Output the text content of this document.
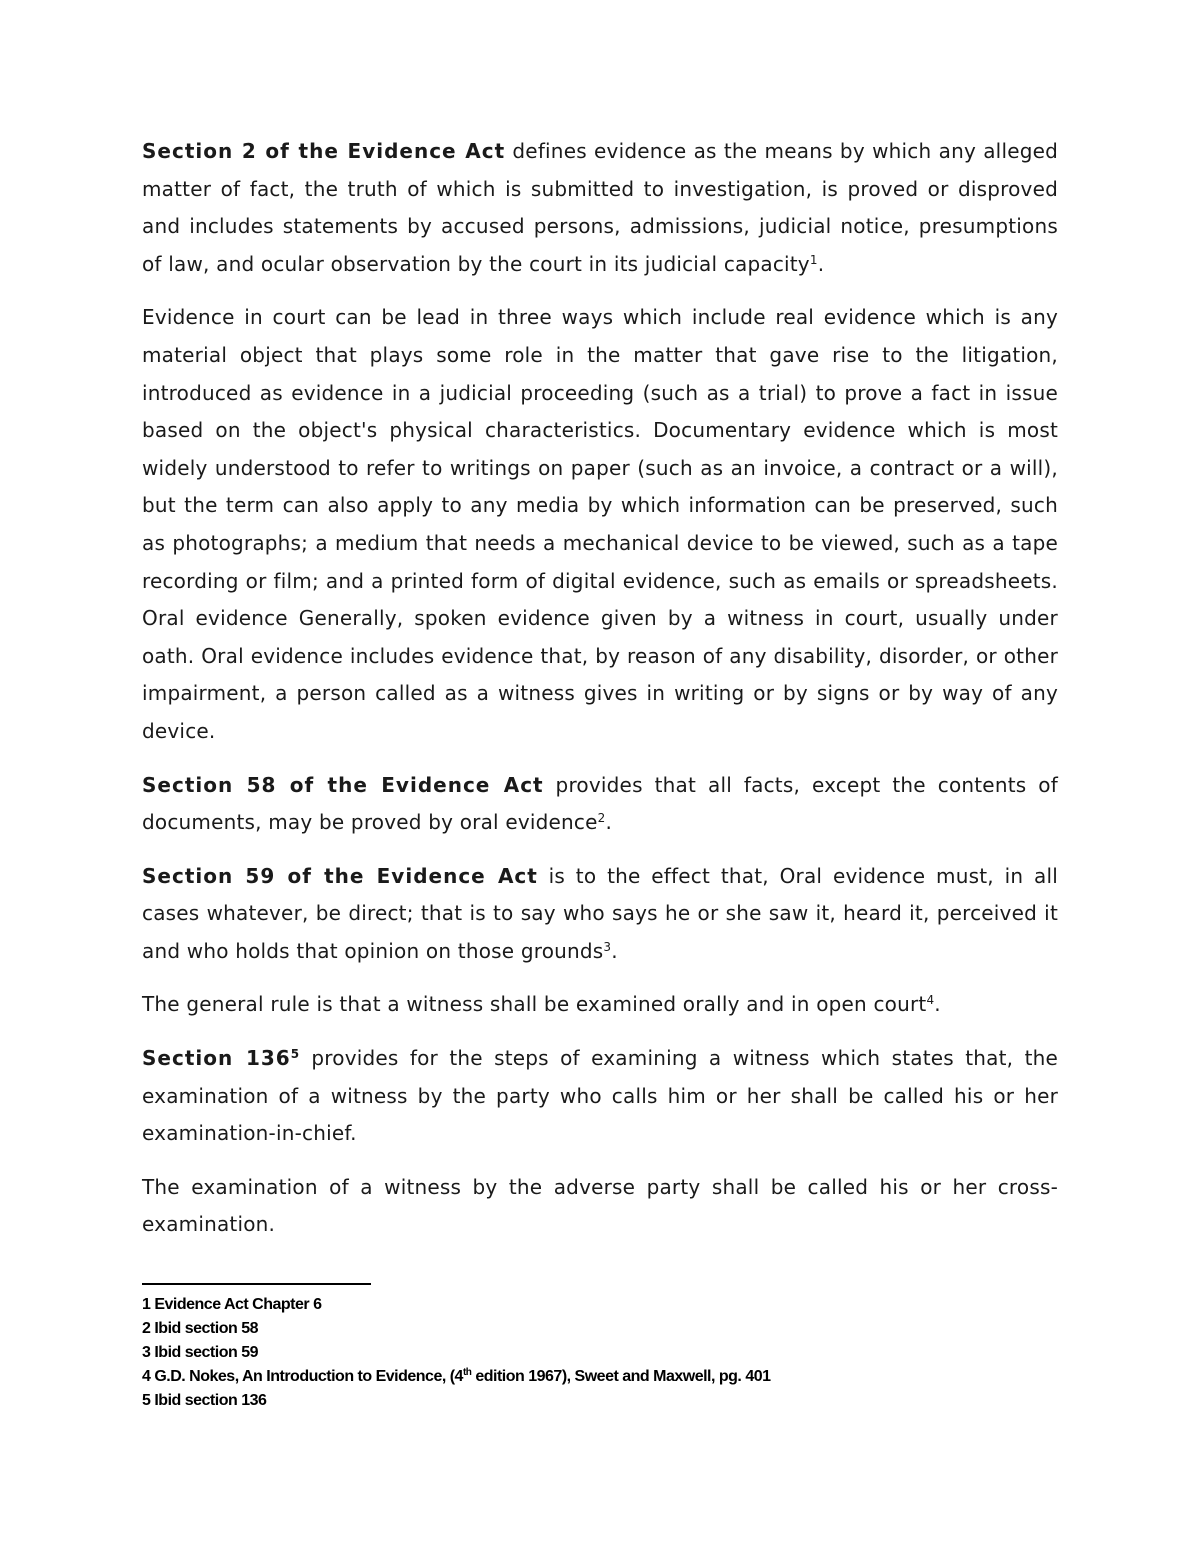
Section 2 of the Evidence Act defines evidence as the means by which any alleged matter of fact, the truth of which is submitted to investigation, is proved or disproved and includes statements by accused persons, admissions, judicial notice, presumptions of law, and ocular observation by the court in its judicial capacity$^1$.

Evidence in court can be lead in three ways which include real evidence which is any material object that plays some role in the matter that gave rise to the litigation, introduced as evidence in a judicial proceeding (such as a trial) to prove a fact in issue based on the object's physical characteristics. Documentary evidence which is most widely understood to refer to writings on paper (such as an invoice, a contract or a will), but the term can also apply to any media by which information can be preserved, such as photographs; a medium that needs a mechanical device to be viewed, such as a tape recording or film; and a printed form of digital evidence, such as emails or spreadsheets. Oral evidence Generally, spoken evidence given by a witness in court, usually under oath. Oral evidence includes evidence that, by reason of any disability, disorder, or other impairment, a person called as a witness gives in writing or by signs or by way of any device.

Section 58 of the Evidence Act provides that all facts, except the contents of documents, may be proved by oral evidence$^2$.

Section 59 of the Evidence Act is to the effect that, Oral evidence must, in all cases whatever, be direct; that is to say who says he or she saw it, heard it, perceived it and who holds that opinion on those grounds$^3$.

The general rule is that a witness shall be examined orally and in open court$^4$.

Section $136^5$ provides for the steps of examining a witness which states that, the examination of a witness by the party who calls him or her shall be called his or her examination-in-chief.

The examination of a witness by the adverse party shall be called his or her cross-examination.

1 Evidence Act Chapter 6
2 Ibid section 58
3 Ibid section 59
4 G.D. Nokes, An Introduction to Evidence, (4th edition 1967), Sweet and Maxwell, pg. 401
5 Ibid section 136
